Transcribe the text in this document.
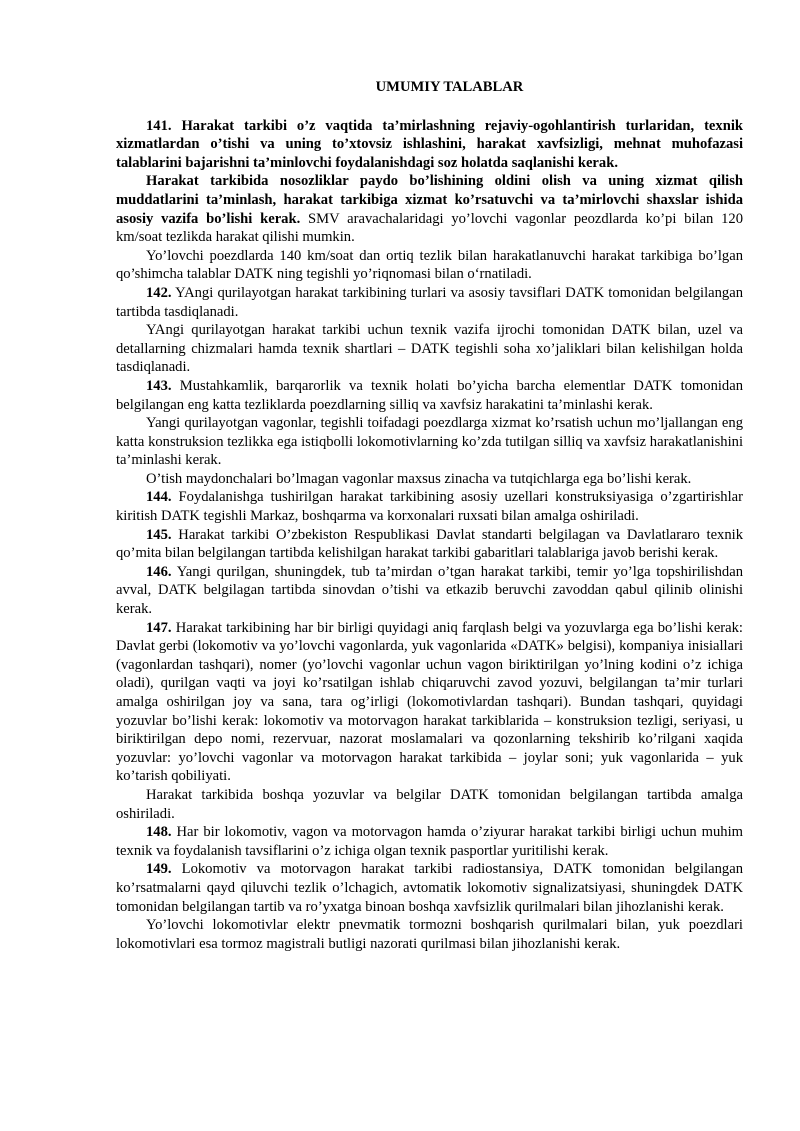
UMUMIY TALABLAR

141. Harakat tarkibi o’z vaqtida ta’mirlashning rejaviy-ogohlantirish turlaridan, texnik xizmatlardan o’tishi va uning to’xtovsiz ishlashini, harakat xavfsizligi, mehnat muhofazasi talablarini bajarishni ta’minlovchi foydalanishdagi soz holatda saqlanishi kerak.

Harakat tarkibida nosozliklar paydo bo’lishining oldini olish va uning xizmat qilish muddatlarini ta’minlash, harakat tarkibiga xizmat ko’rsatuvchi va ta’mirlovchi shaxslar ishida asosiy vazifa bo’lishi kerak. SMV aravachalaridagi yo’lovchi vagonlar peozdlarda ko’pi bilan 120 km/soat tezlikda harakat qilishi mumkin.

Yo’lovchi poezdlarda 140 km/soat dan ortiq tezlik bilan harakatlanuvchi harakat tarkibiga bo’lgan qo’shimcha talablar DATK ning tegishli yo’riqnomasi bilan o‘rnatiladi.

142. YAngi qurilayotgan harakat tarkibining turlari va asosiy tavsiflari DATK tomonidan belgilangan tartibda tasdiqlanadi.

YAngi qurilayotgan harakat tarkibi uchun texnik vazifa ijrochi tomonidan DATK bilan, uzel va detallarning chizmalari hamda texnik shartlari – DATK tegishli soha xo’jaliklari bilan kelishilgan holda tasdiqlanadi.

143. Mustahkamlik, barqarorlik va texnik holati bo’yicha barcha elementlar DATK tomonidan belgilangan eng katta tezliklarda poezdlarning silliq va xavfsiz harakatini ta’minlashi kerak.

Yangi qurilayotgan vagonlar, tegishli toifadagi poezdlarga xizmat ko’rsatish uchun mo’ljallangan eng katta konstruksion tezlikka ega istiqbolli lokomotivlarning ko’zda tutilgan silliq va xavfsiz harakatlanishini ta’minlashi kerak.

O’tish maydonchalari bo’lmagan vagonlar maxsus zinacha va tutqichlarga ega bo’lishi kerak.

144. Foydalanishga tushirilgan harakat tarkibining asosiy uzellari konstruksiyasiga o’zgartirishlar kiritish DATK tegishli Markaz, boshqarma va korxonalari ruxsati bilan amalga oshiriladi.

145. Harakat tarkibi O’zbekiston Respublikasi Davlat standarti belgilagan va Davlatlararo texnik qo’mita bilan belgilangan tartibda kelishilgan harakat tarkibi gabaritlari talablariga javob berishi kerak.

146. Yangi qurilgan, shuningdek, tub ta’mirdan o’tgan harakat tarkibi, temir yo’lga topshirilishdan avval, DATK belgilagan tartibda sinovdan o’tishi va etkazib beruvchi zavoddan qabul qilinib olinishi kerak.

147. Harakat tarkibining har bir birligi quyidagi aniq farqlash belgi va yozuvlarga ega bo’lishi kerak: Davlat gerbi (lokomotiv va yo’lovchi vagonlarda, yuk vagonlarida «DATK» belgisi), kompaniya inisiallari (vagonlardan tashqari), nomer (yo’lovchi vagonlar uchun vagon biriktirilgan yo’lning kodini o’z ichiga oladi), qurilgan vaqti va joyi ko’rsatilgan ishlab chiqaruvchi zavod yozuvi, belgilangan ta’mir turlari amalga oshirilgan joy va sana, tara og’irligi (lokomotivlardan tashqari). Bundan tashqari, quyidagi yozuvlar bo’lishi kerak: lokomotiv va motorvagon harakat tarkiblarida – konstruksion tezligi, seriyasi, u biriktirilgan depo nomi, rezervuar, nazorat moslamalari va qozonlarning tekshirib ko’rilgani xaqida yozuvlar: yo’lovchi vagonlar va motorvagon harakat tarkibida – joylar soni; yuk vagonlarida – yuk ko’tarish qobiliyati.

Harakat tarkibida boshqa yozuvlar va belgilar DATK tomonidan belgilangan tartibda amalga oshiriladi.

148. Har bir lokomotiv, vagon va motorvagon hamda o’ziyurar harakat tarkibi birligi uchun muhim texnik va foydalanish tavsiflarini o’z ichiga olgan texnik pasportlar yuritilishi kerak.

149. Lokomotiv va motorvagon harakat tarkibi radiostansiya, DATK tomonidan belgilangan ko’rsatmalarni qayd qiluvchi tezlik o’lchagich, avtomatik lokomotiv signalizatsiyasi, shuningdek DATK tomonidan belgilangan tartib va ro’yxatga binoan boshqa xavfsizlik qurilmalari bilan jihozlanishi kerak.

Yo’lovchi lokomotivlar elektr pnevmatik tormozni boshqarish qurilmalari bilan, yuk poezdlari lokomotivlari esa tormoz magistrali butligi nazorati qurilmasi bilan jihozlanishi kerak.
